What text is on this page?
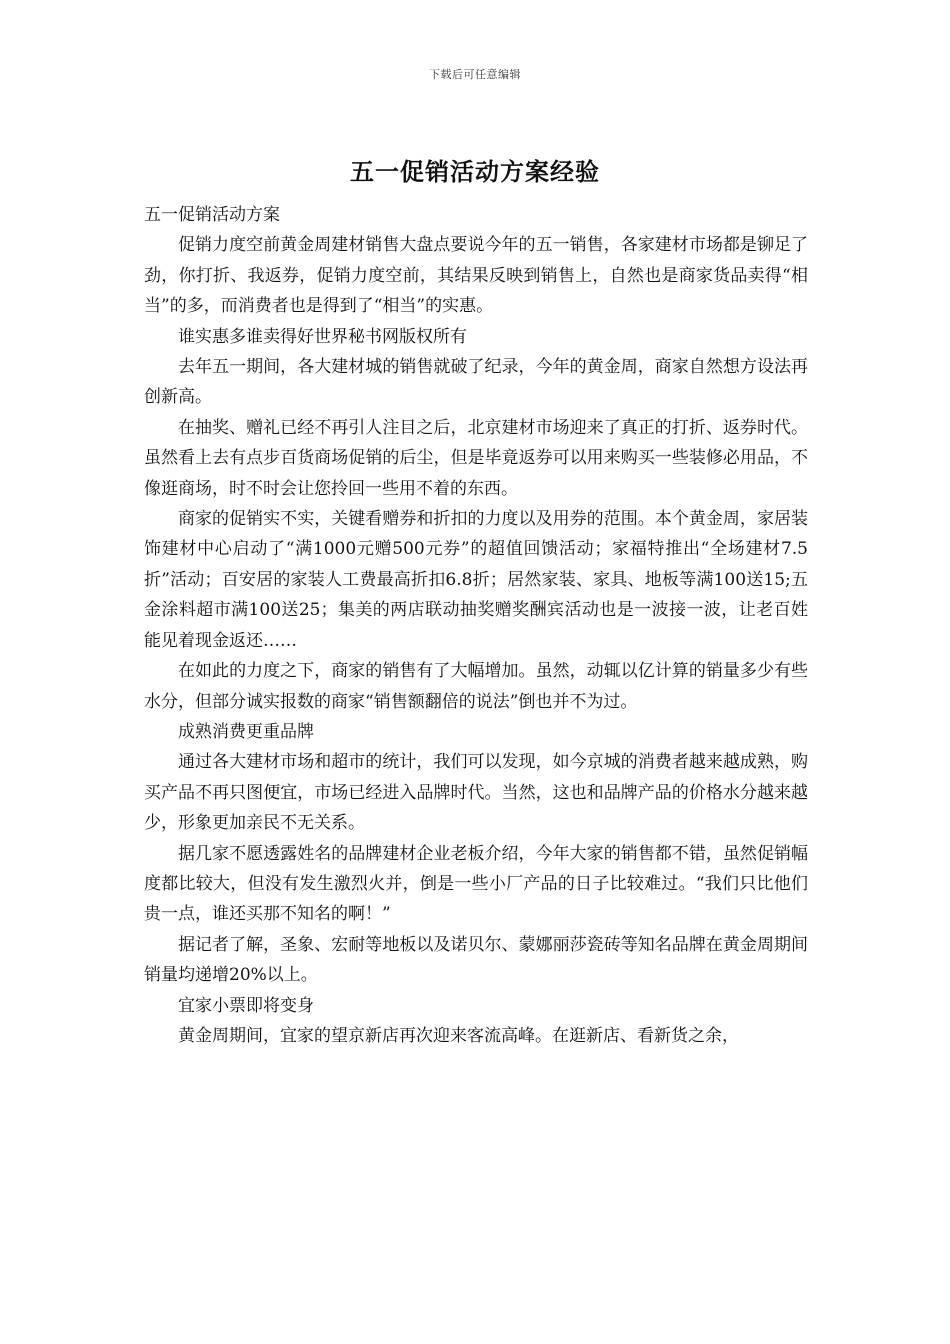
下载后可任意编辑
五一促销活动方案经验

五一促销活动方案

促销力度空前黄金周建材销售大盘点要说今年的五一销售，各家建材市场都是铆足了劲，你打折、我返券，促销力度空前，其结果反映到销售上，自然也是商家货品卖得“相当”的多，而消费者也是得到了“相当”的实惠。

谁实惠多谁卖得好世界秘书网版权所有

去年五一期间，各大建材城的销售就破了纪录，今年的黄金周，商家自然想方设法再创新高。

在抽奖、赠礼已经不再引人注目之后，北京建材市场迎来了真正的打折、返券时代。虽然看上去有点步百货商场促销的后尘，但是毕竟返券可以用来购买一些装修必用品，不像逛商场，时不时会让您拎回一些用不着的东西。

商家的促销实不实，关键看赠券和折扣的力度以及用券的范围。本个黄金周，家居装饰建材中心启动了“满1000元赠500元券”的超值回馈活动；家福特推出“全场建材7.5折”活动；百安居的家装人工费最高折扣6.8折；居然家装、家具、地板等满100送15;五金涂料超市满100送25；集美的两店联动抽奖赠奖酬宾活动也是一波接一波，让老百姓能见着现金返还……

在如此的力度之下，商家的销售有了大幅增加。虽然，动辄以亿计算的销量多少有些水分，但部分诚实报数的商家“销售额翻倍的说法”倒也并不为过。

成熟消费更重品牌

通过各大建材市场和超市的统计，我们可以发现，如今京城的消费者越来越成熟，购买产品不再只图便宜，市场已经进入品牌时代。当然，这也和品牌产品的价格水分越来越少，形象更加亲民不无关系。

据几家不愿透露姓名的品牌建材企业老板介绍，今年大家的销售都不错，虽然促销幅度都比较大，但没有发生激烈火并，倒是一些小厂产品的日子比较难过。“我们只比他们贵一点，谁还买那不知名的啊！”

据记者了解，圣象、宏耐等地板以及诺贝尔、蒙娜丽莎瓷砖等知名品牌在黄金周期间销量均递增20%以上。

宜家小票即将变身

黄金周期间，宜家的望京新店再次迎来客流高峰。在逛新店、看新货之余，
